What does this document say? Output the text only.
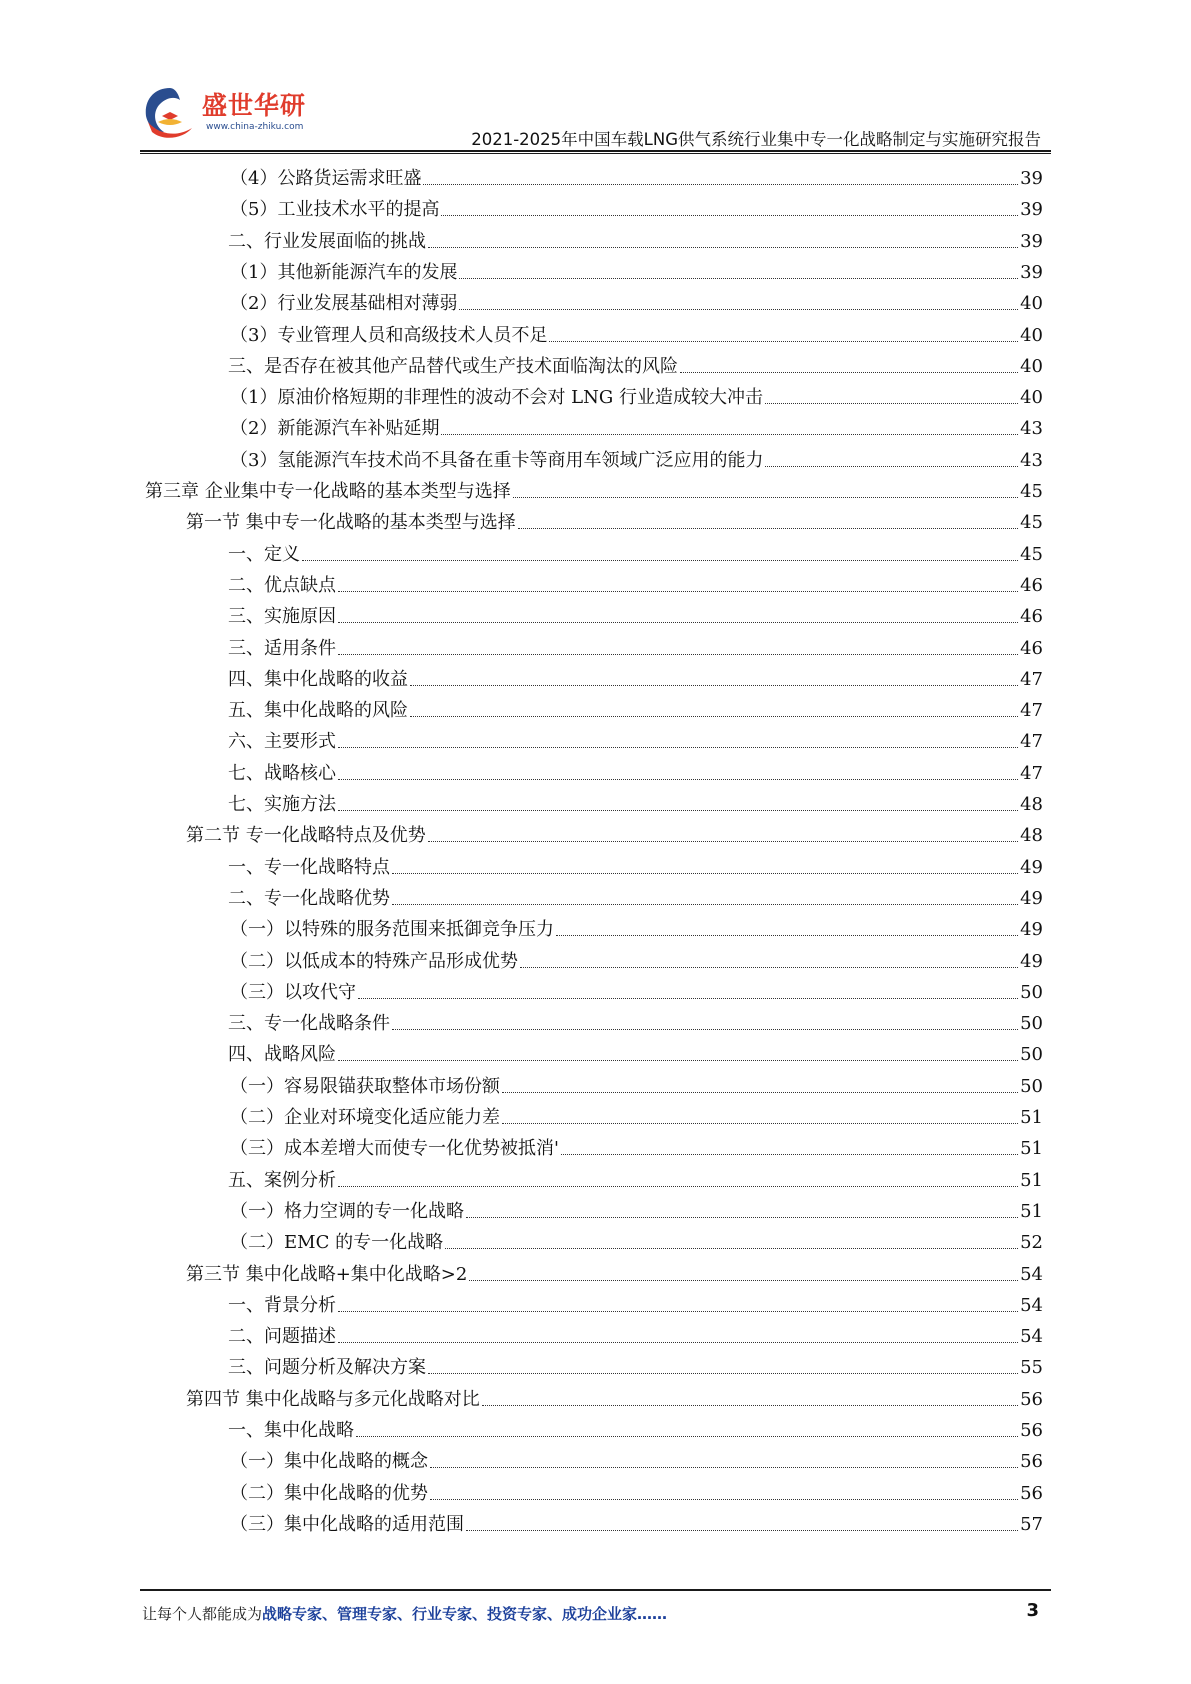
盛世华研
www.china-zhiku.com
2021-2025年中国车载LNG供气系统行业集中专一化战略制定与实施研究报告
（4）公路货运需求旺盛	39
（5）工业技术水平的提高	39
二、行业发展面临的挑战	39
（1）其他新能源汽车的发展	39
（2）行业发展基础相对薄弱	40
（3）专业管理人员和高级技术人员不足	40
三、是否存在被其他产品替代或生产技术面临淘汰的风险	40
（1）原油价格短期的非理性的波动不会对 LNG 行业造成较大冲击	40
（2）新能源汽车补贴延期	43
（3）氢能源汽车技术尚不具备在重卡等商用车领域广泛应用的能力	43
第三章 企业集中专一化战略的基本类型与选择	45
第一节 集中专一化战略的基本类型与选择	45
一、定义	45
二、优点缺点	46
三、实施原因	46
三、适用条件	46
四、集中化战略的收益	47
五、集中化战略的风险	47
六、主要形式	47
七、战略核心	47
七、实施方法	48
第二节 专一化战略特点及优势	48
一、专一化战略特点	49
二、专一化战略优势	49
（一）以特殊的服务范围来抵御竞争压力	49
（二）以低成本的特殊产品形成优势	49
（三）以攻代守	50
三、专一化战略条件	50
四、战略风险	50
（一）容易限锚获取整体市场份额	50
（二）企业对环境变化适应能力差	51
（三）成本差增大而使专一化优势被抵消'	51
五、案例分析	51
（一）格力空调的专一化战略	51
（二）EMC 的专一化战略	52
第三节 集中化战略+集中化战略>2	54
一、背景分析	54
二、问题描述	54
三、问题分析及解决方案	55
第四节 集中化战略与多元化战略对比	56
一、集中化战略	56
（一）集中化战略的概念	56
（二）集中化战略的优势	56
（三）集中化战略的适用范围	57
让每个人都能成为战略专家、管理专家、行业专家、投资专家、成功企业家……	3
